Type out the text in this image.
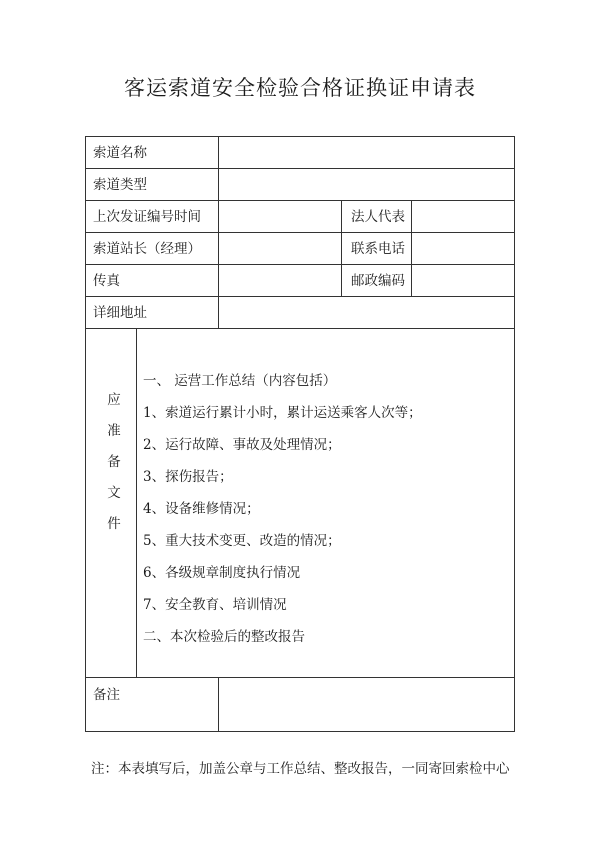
客运索道安全检验合格证换证申请表
索道名称
索道类型
上次发证编号时间	法人代表
索道站长（经理）	联系电话
传真	邮政编码
详细地址
应
准
备
文
件
一、 运营工作总结（内容包括）
1、索道运行累计小时，累计运送乘客人次等；
2、运行故障、事故及处理情况；
3、探伤报告；
4、设备维修情况；
5、重大技术变更、改造的情况；
6、各级规章制度执行情况
7、安全教育、培训情况
二、本次检验后的整改报告
备注
注：本表填写后，加盖公章与工作总结、整改报告，一同寄回索检中心
